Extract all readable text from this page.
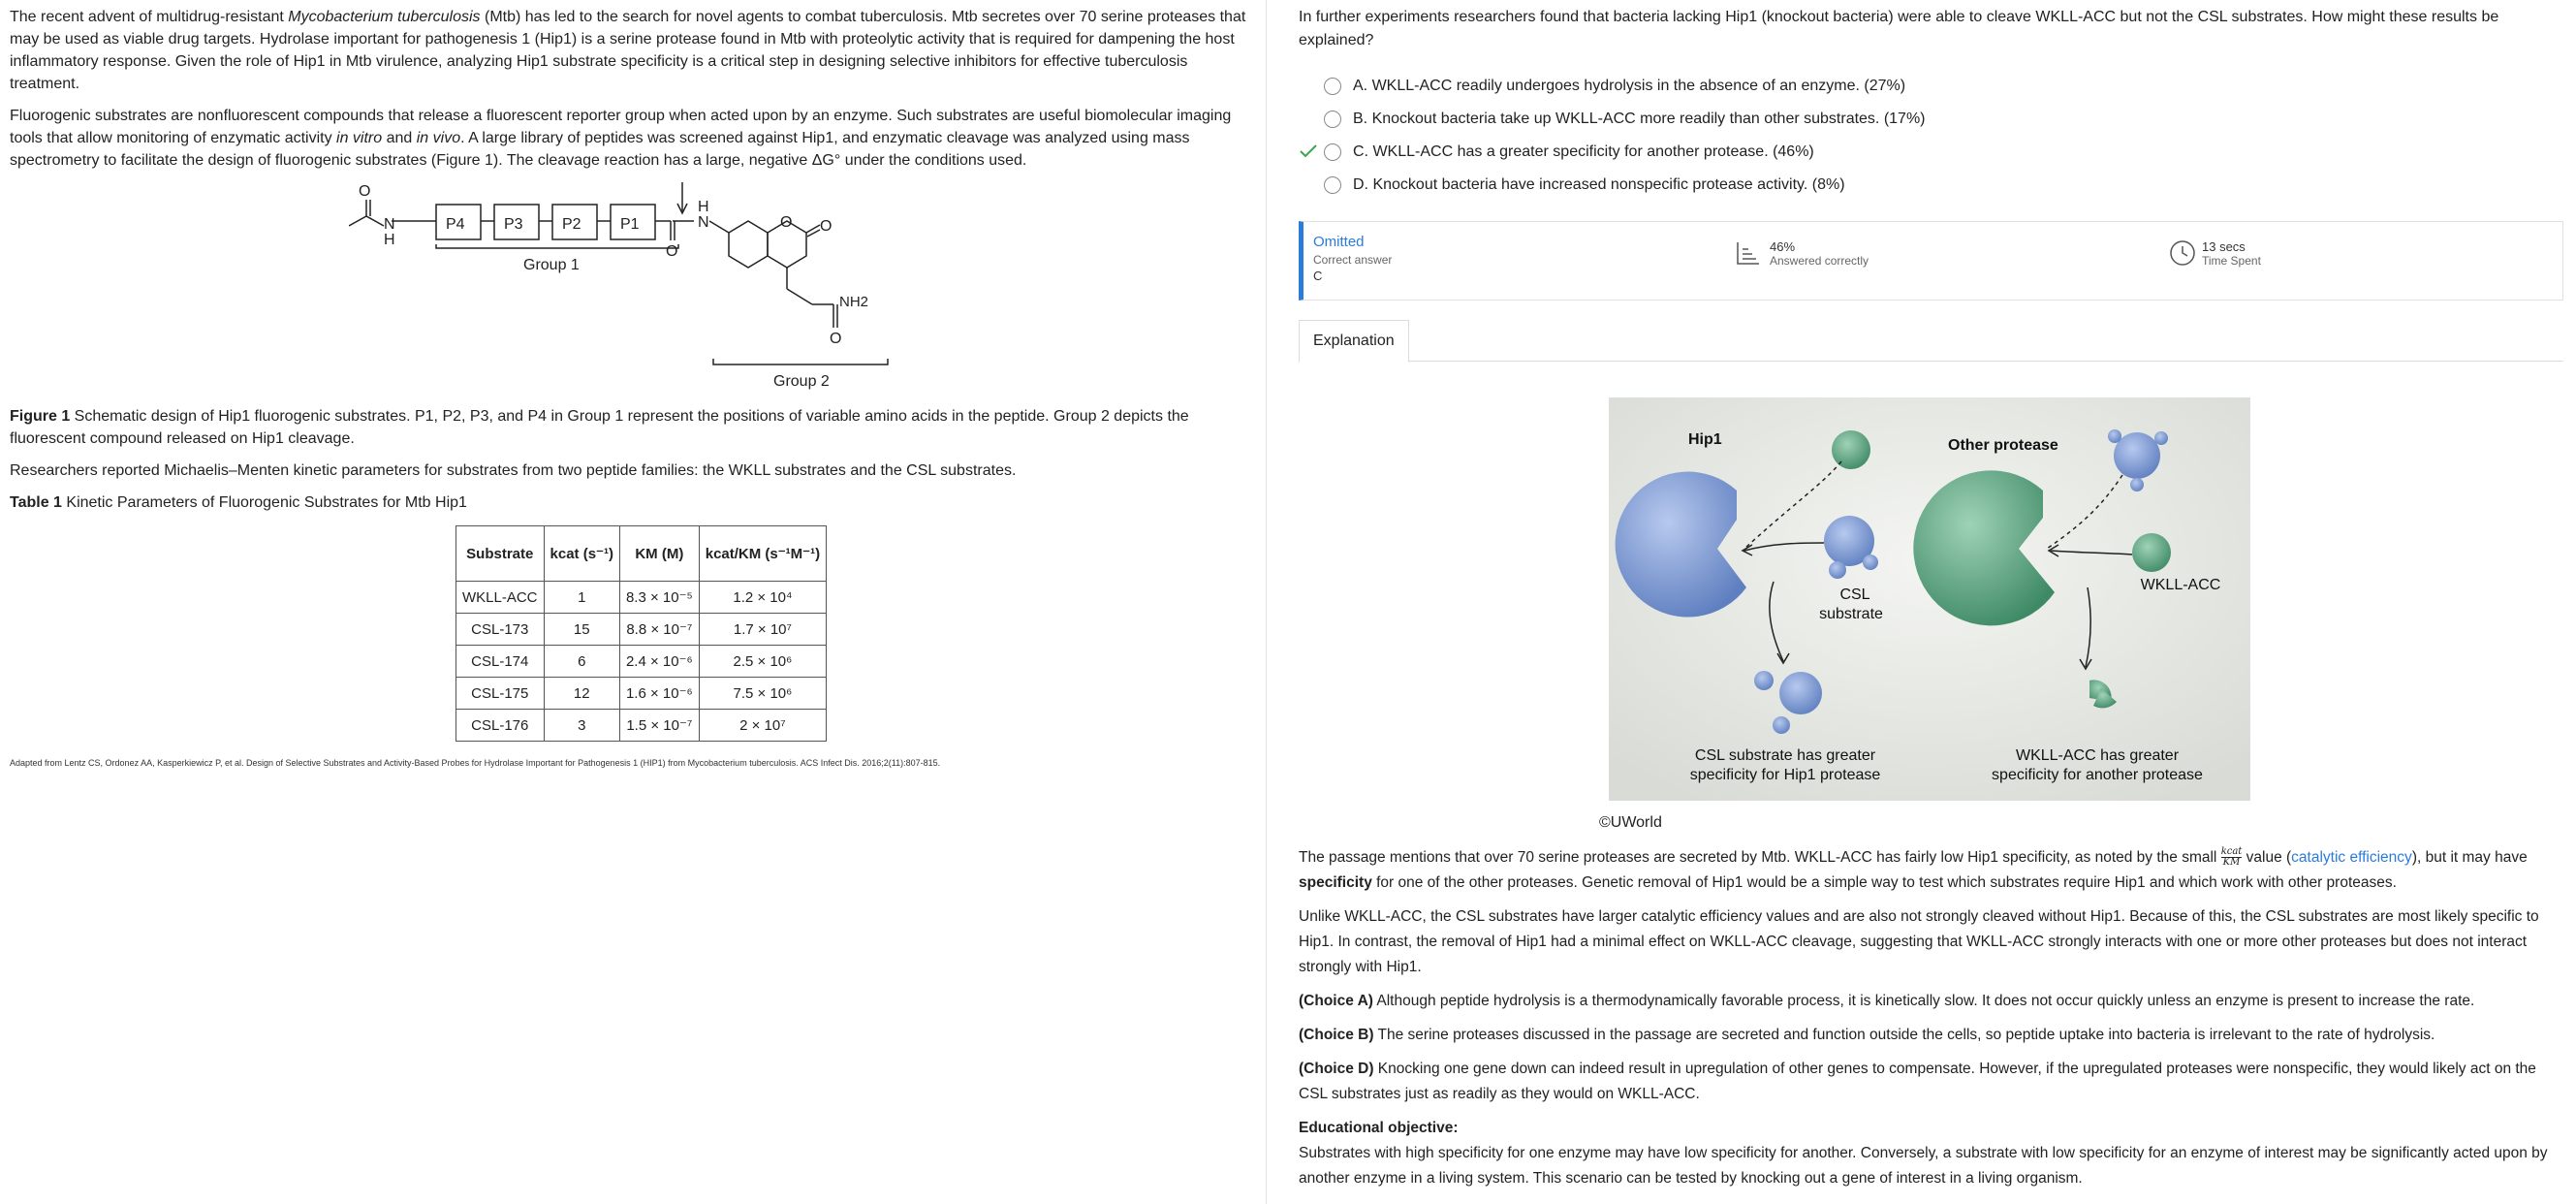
The recent advent of multidrug-resistant Mycobacterium tuberculosis (Mtb) has led to the search for novel agents to combat tuberculosis. Mtb secretes over 70 serine proteases that may be used as viable drug targets. Hydrolase important for pathogenesis 1 (Hip1) is a serine protease found in Mtb with proteolytic activity that is required for dampening the host inflammatory response. Given the role of Hip1 in Mtb virulence, analyzing Hip1 substrate specificity is a critical step in designing selective inhibitors for effective tuberculosis treatment.

Fluorogenic substrates are nonfluorescent compounds that release a fluorescent reporter group when acted upon by an enzyme. Such substrates are useful biomolecular imaging tools that allow monitoring of enzymatic activity in vitro and in vivo. A large library of peptides was screened against Hip1, and enzymatic cleavage was analyzed using mass spectrometry to facilitate the design of fluorogenic substrates (Figure 1). The cleavage reaction has a large, negative ΔG° under the conditions used.

O
N
H
P4	P3	P2	P1
O
H
N	O O
O
Group 1
Group 2
NH2

Figure 1 Schematic design of Hip1 fluorogenic substrates. P1, P2, P3, and P4 in Group 1 represent the positions of variable amino acids in the peptide. Group 2 depicts the fluorescent compound released on Hip1 cleavage.

Researchers reported Michaelis–Menten kinetic parameters for substrates from two peptide families: the WKLL substrates and the CSL substrates.

Table 1 Kinetic Parameters of Fluorogenic Substrates for Mtb Hip1

Substrate	kcat (s⁻¹)	KM (M)	kcat/KM (s⁻¹M⁻¹)
WKLL-ACC	1	8.3 × 10⁻⁵	1.2 × 10⁴
CSL-173	15	8.8 × 10⁻⁷	1.7 × 10⁷
CSL-174	6	2.4 × 10⁻⁶	2.5 × 10⁶
CSL-175	12	1.6 × 10⁻⁶	7.5 × 10⁶
CSL-176	3	1.5 × 10⁻⁷	2 × 10⁷
Adapted from Lentz CS, Ordonez AA, Kasperkiewicz P, et al. Design of Selective Substrates and Activity-Based Probes for Hydrolase Important for Pathogenesis 1 (HIP1) from Mycobacterium tuberculosis. ACS Infect Dis. 2016;2(11):807-815.

In further experiments researchers found that bacteria lacking Hip1 (knockout bacteria) were able to cleave WKLL-ACC but not the CSL substrates. How might these results be explained?

A. WKLL-ACC readily undergoes hydrolysis in the absence of an enzyme. (27%)
B. Knockout bacteria take up WKLL-ACC more readily than other substrates. (17%)
C. WKLL-ACC has a greater specificity for another protease. (46%)
D. Knockout bacteria have increased nonspecific protease activity. (8%)
Omitted
Correct answer
C
46%
Answered correctly
13 secs
Time Spent
Explanation
Hip1	Other protease
CSL
substrate
WKLL-ACC
CSL substrate has greater
specificity for Hip1 protease
WKLL-ACC has greater
specificity for another protease
©UWorld

The passage mentions that over 70 serine proteases are secreted by Mtb. WKLL-ACC has fairly low Hip1 specificity, as noted by the small $\frac{\text{kcat}}{KM}$ value (catalytic efficiency), but it may have specificity for one of the other proteases. Genetic removal of Hip1 would be a simple way to test which substrates require Hip1 and which work with other proteases.

Unlike WKLL-ACC, the CSL substrates have larger catalytic efficiency values and are also not strongly cleaved without Hip1. Because of this, the CSL substrates are most likely specific to Hip1. In contrast, the removal of Hip1 had a minimal effect on WKLL-ACC cleavage, suggesting that WKLL-ACC strongly interacts with one or more other proteases but does not interact strongly with Hip1.

(Choice A) Although peptide hydrolysis is a thermodynamically favorable process, it is kinetically slow. It does not occur quickly unless an enzyme is present to increase the rate.

(Choice B) The serine proteases discussed in the passage are secreted and function outside the cells, so peptide uptake into bacteria is irrelevant to the rate of hydrolysis.

(Choice D) Knocking one gene down can indeed result in upregulation of other genes to compensate. However, if the upregulated proteases were nonspecific, they would likely act on the CSL substrates just as readily as they would on WKLL-ACC.

Educational objective:

Substrates with high specificity for one enzyme may have low specificity for another. Conversely, a substrate with low specificity for an enzyme of interest may be significantly acted upon by another enzyme in a living system. This scenario can be tested by knocking out a gene of interest in a living organism.
